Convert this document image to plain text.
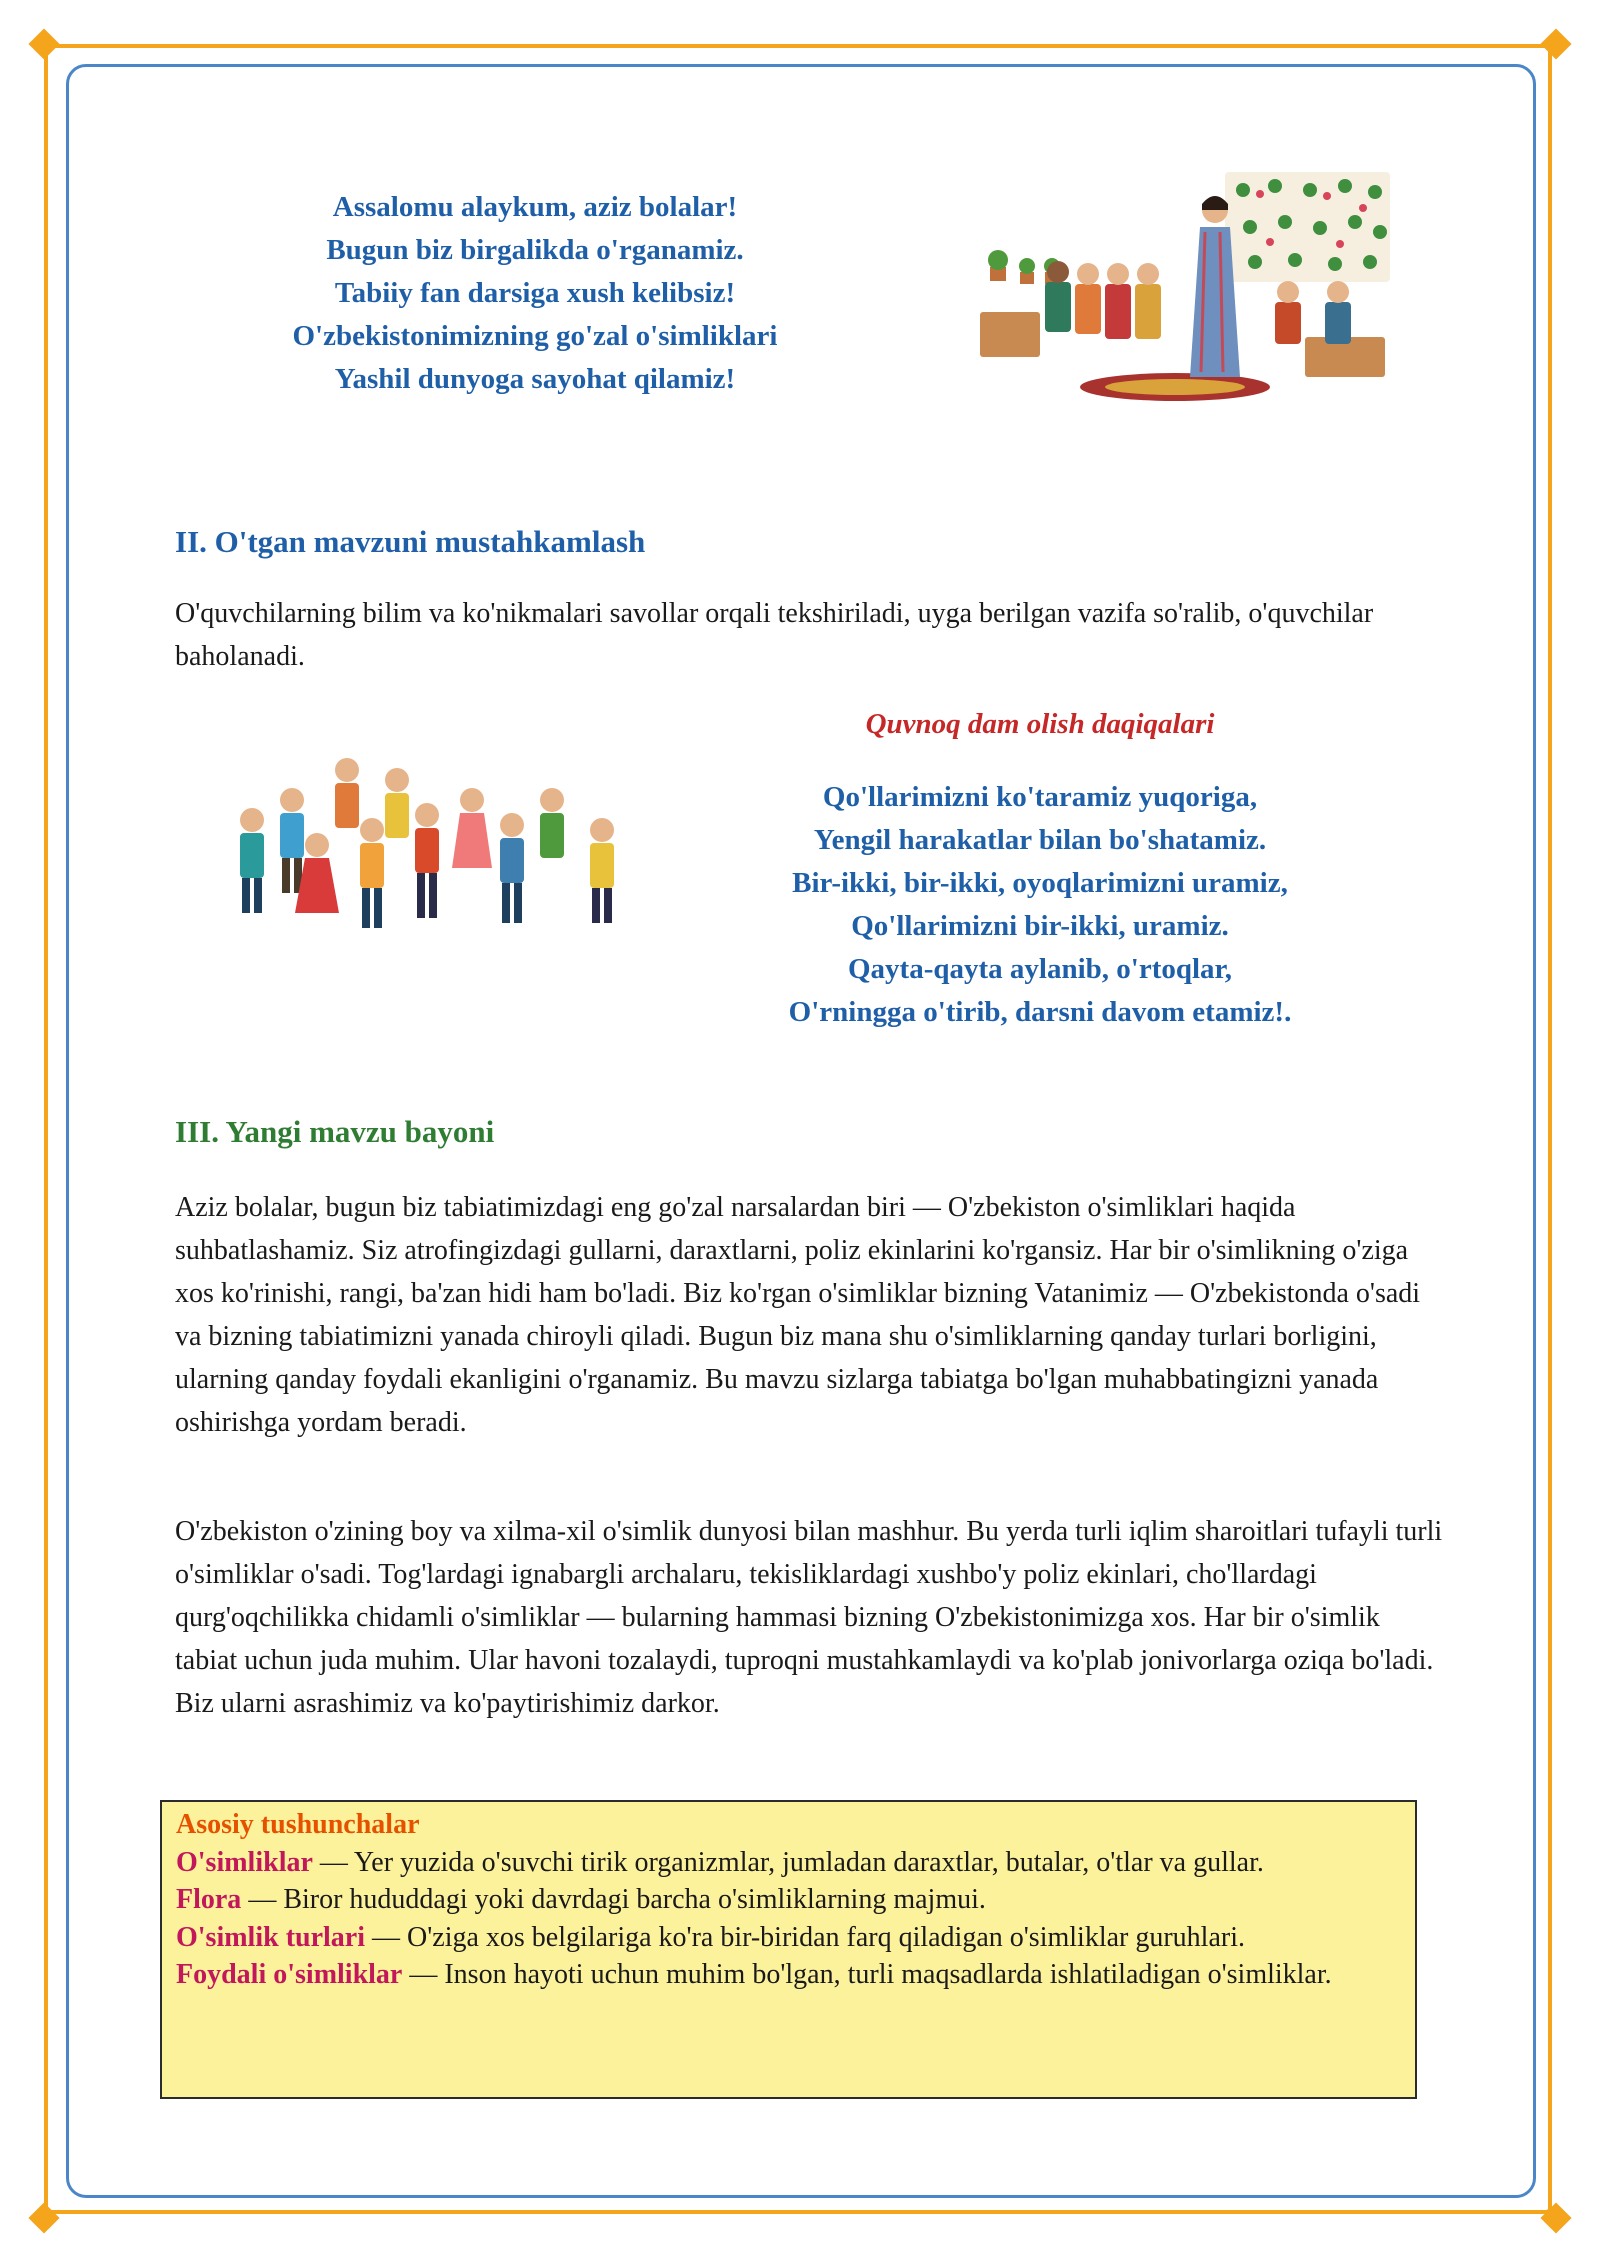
Assalomu alaykum, aziz bolalar!
Bugun biz birgalikda o'rganamiz.
Tabiiy fan darsiga xush kelibsiz!
O'zbekistonimizning go'zal o'simliklari
Yashil dunyoga sayohat qilamiz!
II. O'tgan mavzuni mustahkamlash
O'quvchilarning bilim va ko'nikmalari savollar orqali tekshiriladi, uyga berilgan vazifa so'ralib, o'quvchilar baholanadi.
Quvnoq dam olish daqiqalari
Qo'llarimizni ko'taramiz yuqoriga,
Yengil harakatlar bilan bo'shatamiz.
Bir-ikki, bir-ikki, oyoqlarimizni uramiz,
Qo'llarimizni bir-ikki, uramiz.
Qayta-qayta aylanib, o'rtoqlar,
O'rningga o'tirib, darsni davom etamiz!.
III. Yangi mavzu bayoni
Aziz bolalar, bugun biz tabiatimizdagi eng go'zal narsalardan biri — O'zbekiston o'simliklari haqida suhbatlashamiz. Siz atrofingizdagi gullarni, daraxtlarni, poliz ekinlarini ko'rgansiz. Har bir o'simlikning o'ziga xos ko'rinishi, rangi, ba'zan hidi ham bo'ladi. Biz ko'rgan o'simliklar bizning Vatanimiz — O'zbekistonda o'sadi va bizning tabiatimizni yanada chiroyli qiladi. Bugun biz mana shu o'simliklarning qanday turlari borligini, ularning qanday foydali ekanligini o'rganamiz. Bu mavzu sizlarga tabiatga bo'lgan muhabbatingizni yanada oshirishga yordam beradi.
O'zbekiston o'zining boy va xilma-xil o'simlik dunyosi bilan mashhur. Bu yerda turli iqlim sharoitlari tufayli turli o'simliklar o'sadi. Tog'lardagi ignabargli archalaru, tekisliklardagi xushbo'y poliz ekinlari, cho'llardagi qurg'oqchilikka chidamli o'simliklar — bularning hammasi bizning O'zbekistonimizga xos. Har bir o'simlik tabiat uchun juda muhim. Ular havoni tozalaydi, tuproqni mustahkamlaydi va ko'plab jonivorlarga oziqa bo'ladi. Biz ularni asrashimiz va ko'paytirishimiz darkor.
Asosiy tushunchalar
O'simliklar — Yer yuzida o'suvchi tirik organizmlar, jumladan daraxtlar, butalar, o'tlar va gullar.
Flora — Biror hududdagi yoki davrdagi barcha o'simliklarning majmui.
O'simlik turlari — O'ziga xos belgilariga ko'ra bir-biridan farq qiladigan o'simliklar guruhlari.
Foydali o'simliklar — Inson hayoti uchun muhim bo'lgan, turli maqsadlarda ishlatiladigan o'simliklar.
